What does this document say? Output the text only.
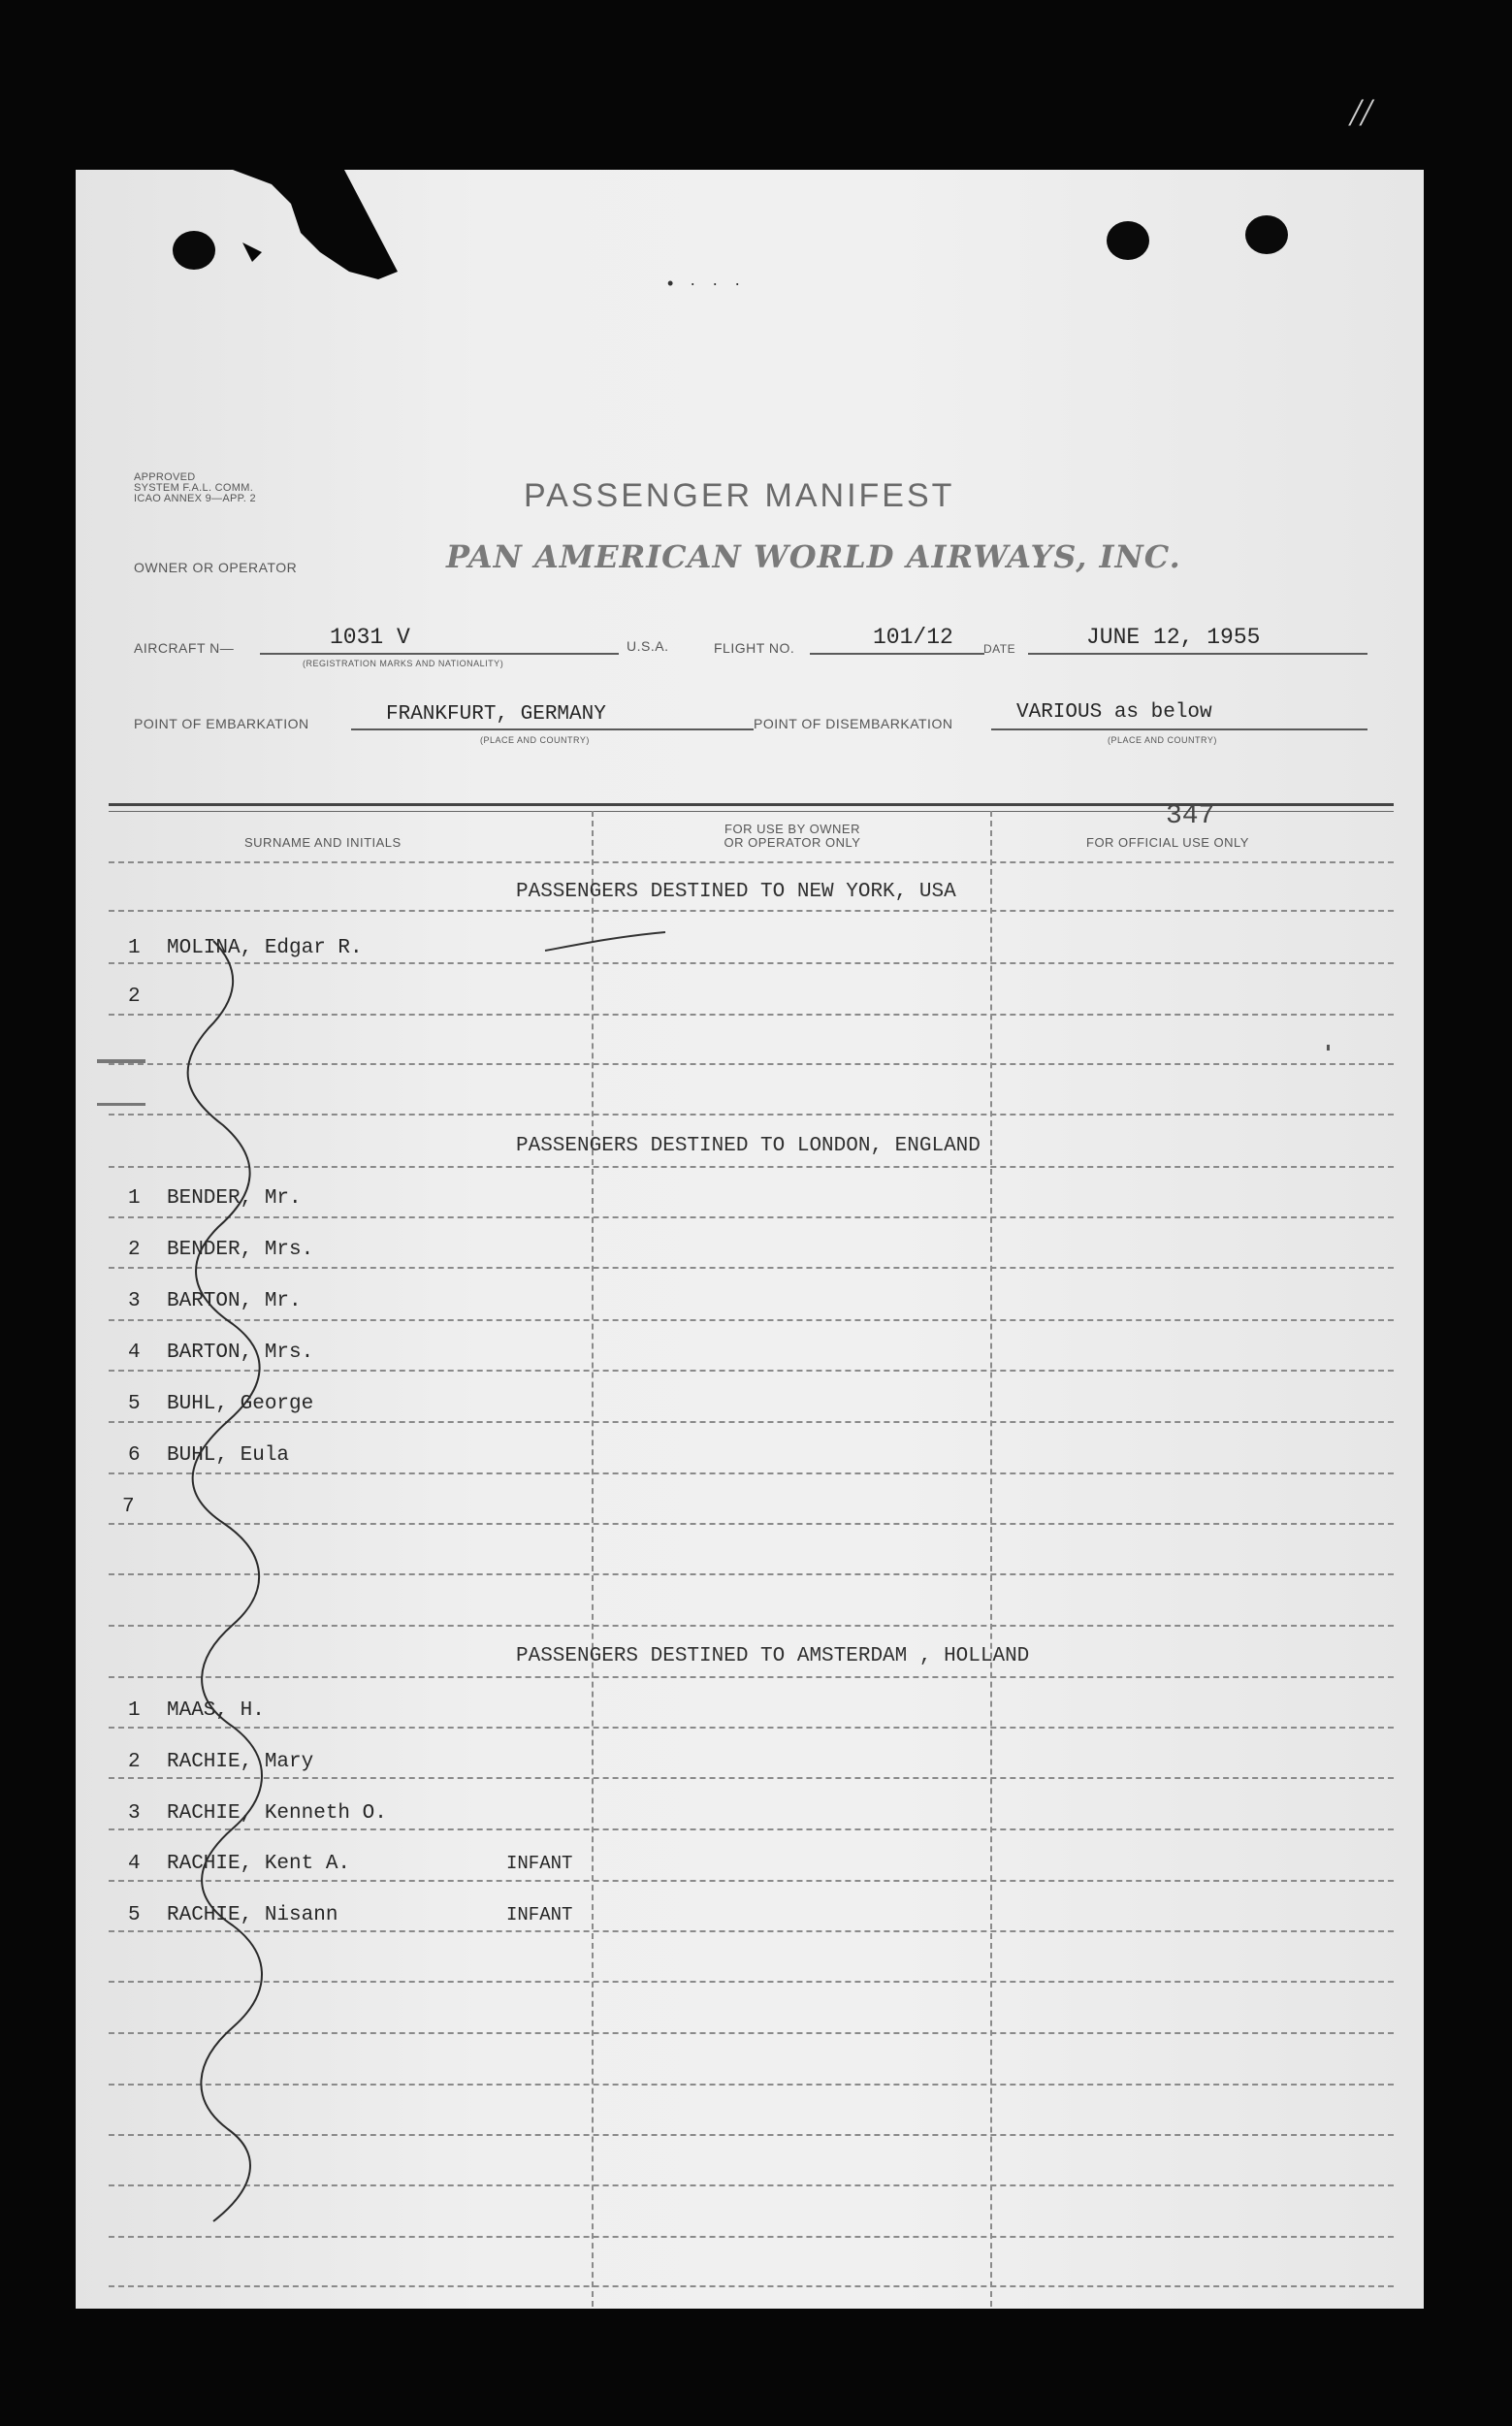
//
• · · ·
APPROVED
SYSTEM F.A.L. COMM.
ICAO ANNEX 9—APP. 2	PASSENGER MANIFEST
OWNER OR OPERATOR	PAN AMERICAN WORLD AIRWAYS, INC.
AIRCRAFT N—	1031 V
(REGISTRATION MARKS AND NATIONALITY)
U.S.A.	FLIGHT NO.	101/12	DATE	JUNE 12, 1955
POINT OF EMBARKATION	FRANKFURT, GERMANY
(PLACE AND COUNTRY)
POINT OF DISEMBARKATION	VARIOUS as below
(PLACE AND COUNTRY)
SURNAME AND INITIALS
FOR USE BY OWNER
OR OPERATOR ONLY	FOR OFFICIAL USE ONLY
347
PASSENGERS DESTINED TO NEW YORK, USA
1 MOLINA, Edgar R.
2
PASSENGERS DESTINED TO LONDON, ENGLAND
1 BENDER, Mr.
2 BENDER, Mrs.
3 BARTON, Mr.
4 BARTON, Mrs.
5 BUHL, George
6 BUHL, Eula
7
PASSENGERS DESTINED TO AMSTERDAM , HOLLAND
1 MAAS, H.
2 RACHIE, Mary
3 RACHIE, Kenneth O.
4 RACHIE, Kent A.	INFANT
5 RACHIE, Nisann	INFANT
